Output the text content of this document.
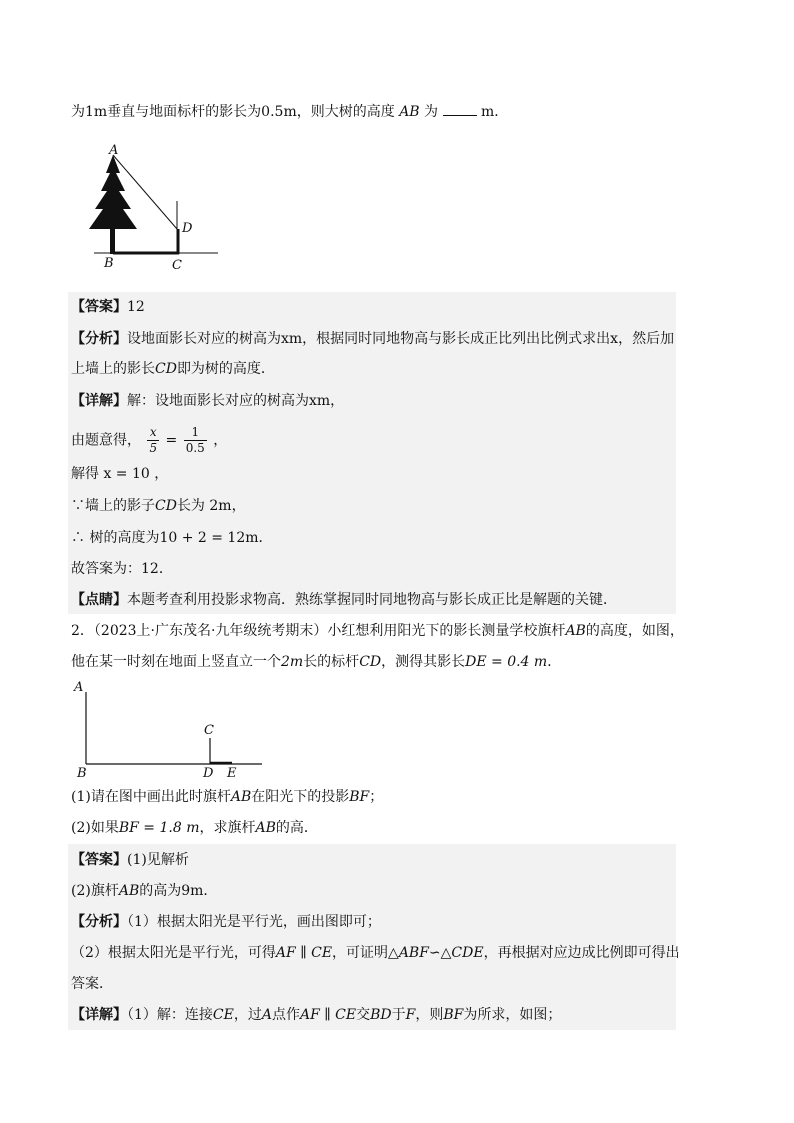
为1m垂直与地面标杆的影长为0.5m，则大树的高度 AB 为	m．
A
B	C
D
【答案】12
【分析】设地面影长对应的树高为xm，根据同时同地物高与影长成正比列出比例式求出x，然后加
上墙上的影长CD即为树的高度．
【详解】解：设地面影长对应的树高为xm，
由题意得， $\frac{x}{5} = \frac{1}{0.5}$ ，
解得 x = 10 ，
∵墙上的影子CD长为 2m，
∴ 树的高度为10 + 2 = 12m．
故答案为：12．
【点睛】本题考查利用投影求物高．熟练掌握同时同地物高与影长成正比是解题的关键．
2．（2023上·广东茂名·九年级统考期末）小红想利用阳光下的影长测量学校旗杆AB的高度，如图，
他在某一时刻在地面上竖直立一个2m长的标杆CD，测得其影长DE = 0.4 m．
A
B
C
D E
(1)请在图中画出此时旗杆AB在阳光下的投影BF；
(2)如果BF = 1.8 m，求旗杆AB的高．
【答案】(1)见解析
(2)旗杆AB的高为9m．
【分析】（1）根据太阳光是平行光，画出图即可；
（2）根据太阳光是平行光，可得AF ∥ CE，可证明△ABF∽△CDE，再根据对应边成比例即可得出
答案．
【详解】（1）解：连接CE，过A点作AF ∥ CE交BD于F，则BF为所求，如图；
